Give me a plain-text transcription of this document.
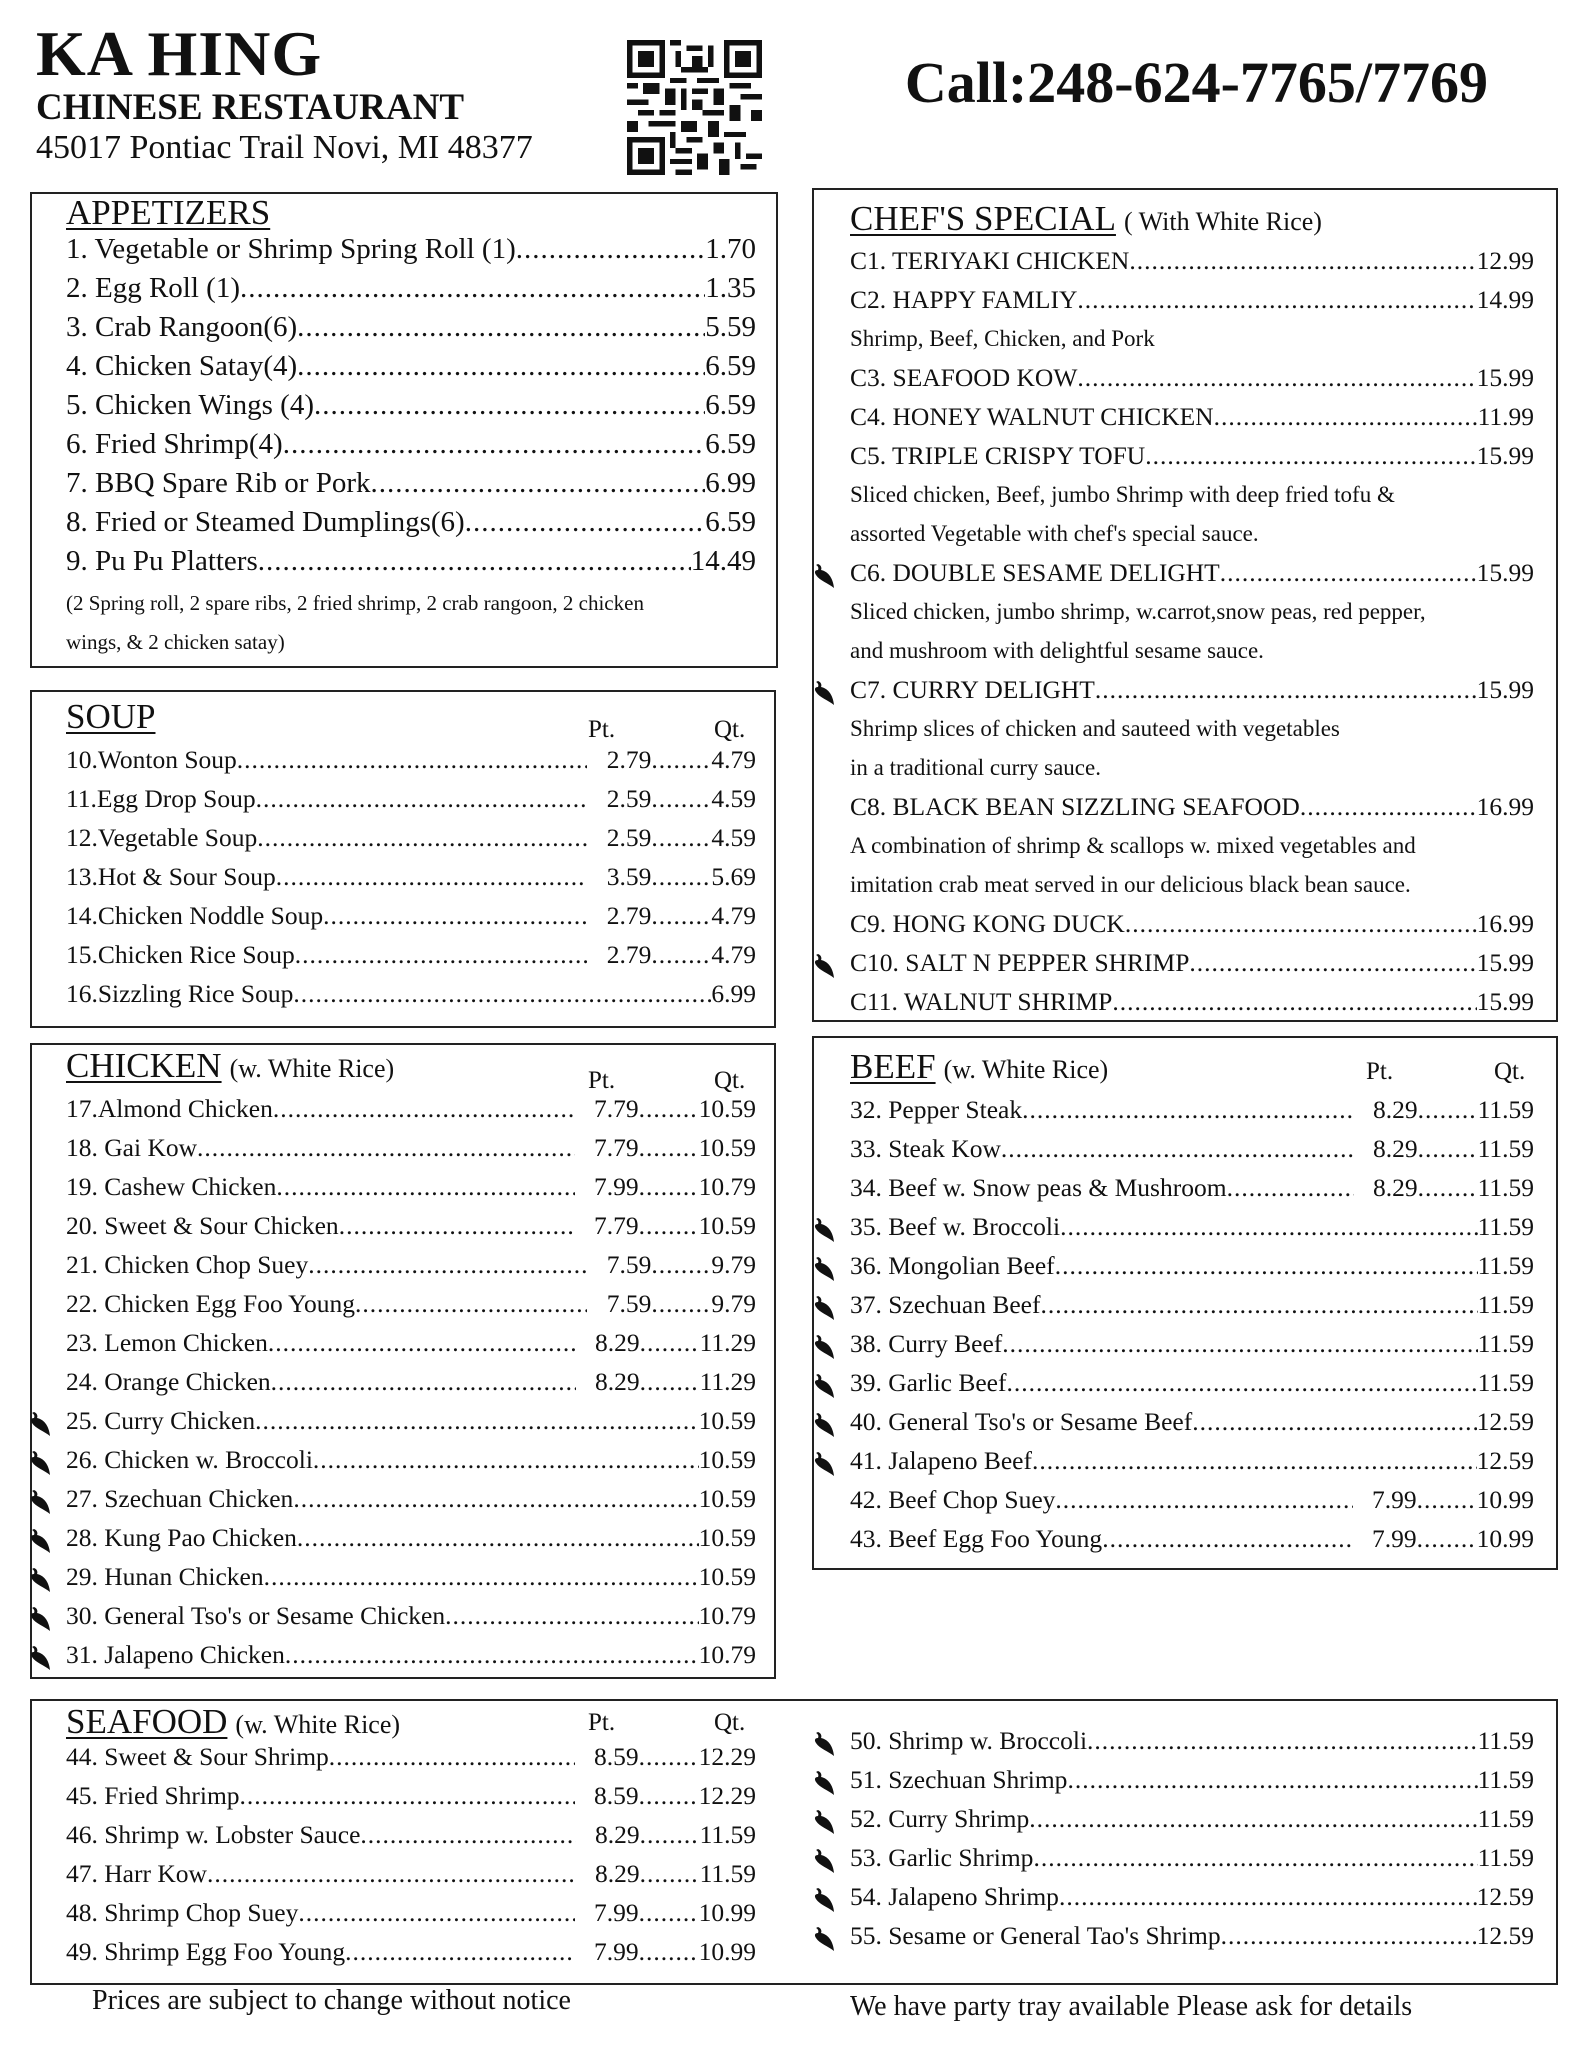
KA HING
CHINESE RESTAURANT
45017 Pontiac Trail Novi, MI 48377
Call:248-624-7765/7769
APPETIZERS
1. Vegetable or Shrimp Spring Roll (1) .....	1.70
2. Egg Roll (1) .....	1.35
3. Crab Rangoon(6) .....	5.59
4. Chicken Satay(4) .....	6.59
5. Chicken Wings (4) .....	6.59
6. Fried Shrimp(4) .....	6.59
7. BBQ Spare Rib or Pork .....	6.99
8. Fried or Steamed Dumplings(6) .....	6.59
9. Pu Pu Platters .....	14.49
(2 Spring roll, 2 spare ribs, 2 fried shrimp, 2 crab rangoon, 2 chicken
wings, & 2 chicken satay)
SOUP	Pt.	Qt.
10.Wonton Soup .....	2.79 ..... 4.79
11.Egg Drop Soup .....	2.59 ..... 4.59
12.Vegetable Soup .....	2.59 ..... 4.59
13.Hot & Sour Soup .....	3.59 ..... 5.69
14.Chicken Noddle Soup .....	2.79 ..... 4.79
15.Chicken Rice Soup .....	2.79 ..... 4.79
16.Sizzling Rice Soup .....	6.99
CHICKEN (w. White Rice)	Pt.	Qt.
17.Almond Chicken .....	7.79 ..... 10.59
18. Gai Kow .....	7.79 ..... 10.59
19. Cashew Chicken .....	7.99 ..... 10.79
20. Sweet & Sour Chicken .....	7.79 ..... 10.59
21. Chicken Chop Suey .....	7.59 ..... 9.79
22. Chicken Egg Foo Young .....	7.59 ..... 9.79
23. Lemon Chicken .....	8.29 ..... 11.29
24. Orange Chicken .....	8.29 ..... 11.29
25. Curry Chicken .....	10.59
26. Chicken w. Broccoli .....	10.59
27. Szechuan Chicken .....	10.59
28. Kung Pao Chicken .....	10.59
29. Hunan Chicken .....	10.59
30. General Tso's or Sesame Chicken .....	10.79
31. Jalapeno Chicken .....	10.79
CHEF'S SPECIAL ( With White Rice)
C1. TERIYAKI CHICKEN .....	12.99
C2. HAPPY FAMLIY .....	14.99
Shrimp, Beef, Chicken, and Pork
C3. SEAFOOD KOW .....	15.99
C4. HONEY WALNUT CHICKEN .....	11.99
C5. TRIPLE CRISPY TOFU .....	15.99
Sliced chicken, Beef, jumbo Shrimp with deep fried tofu &
assorted Vegetable with chef's special sauce.
C6. DOUBLE SESAME DELIGHT .....	15.99
Sliced chicken, jumbo shrimp, w.carrot,snow peas, red pepper,
and mushroom with delightful sesame sauce.
C7. CURRY DELIGHT .....	15.99
Shrimp slices of chicken and sauteed with vegetables
in a traditional curry sauce.
C8. BLACK BEAN SIZZLING SEAFOOD .....	16.99
A combination of shrimp & scallops w. mixed vegetables and
imitation crab meat served in our delicious black bean sauce.
C9. HONG KONG DUCK .....	16.99
C10. SALT N PEPPER SHRIMP .....	15.99
C11. WALNUT SHRIMP .....	15.99
BEEF (w. White Rice)	Pt.	Qt.
32. Pepper Steak .....	8.29 ..... 11.59
33. Steak Kow .....	8.29 ..... 11.59
34. Beef w. Snow peas & Mushroom .....	8.29 ..... 11.59
35. Beef w. Broccoli .....	11.59
36. Mongolian Beef .....	11.59
37. Szechuan Beef .....	11.59
38. Curry Beef .....	11.59
39. Garlic Beef .....	11.59
40. General Tso's or Sesame Beef .....	12.59
41. Jalapeno Beef .....	12.59
42. Beef Chop Suey .....	7.99 ..... 10.99
43. Beef Egg Foo Young .....	7.99 ..... 10.99
SEAFOOD (w. White Rice)	Pt.	Qt.
44. Sweet & Sour Shrimp .....	8.59 ..... 12.29
45. Fried Shrimp .....	8.59 ..... 12.29
46. Shrimp w. Lobster Sauce .....	8.29 ..... 11.59
47. Harr Kow .....	8.29 ..... 11.59
48. Shrimp Chop Suey .....	7.99 ..... 10.99
49. Shrimp Egg Foo Young .....	7.99 ..... 10.99
50. Shrimp w. Broccoli .....	11.59
51. Szechuan Shrimp .....	11.59
52. Curry Shrimp .....	11.59
53. Garlic Shrimp .....	11.59
54. Jalapeno Shrimp .....	12.59
55. Sesame or General Tao's Shrimp .....	12.59
Prices are subject to change without notice	We have party tray available Please ask for details
